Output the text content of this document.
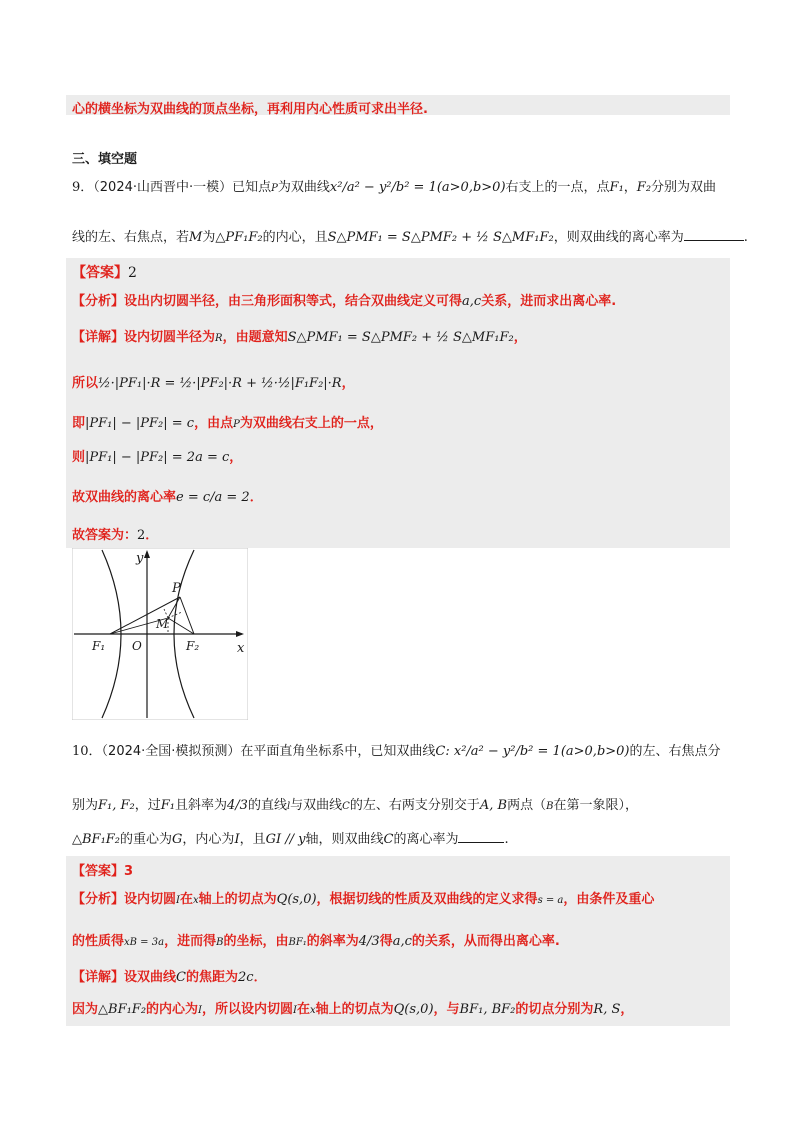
心的横坐标为双曲线的顶点坐标，再利用内心性质可求出半径.
三、填空题
9．（2024·山西晋中·一模）已知点P为双曲线x²/a² − y²/b² = 1(a>0,b>0)右支上的一点，点F₁，F₂分别为双曲
线的左、右焦点，若M为△PF₁F₂的内心，且S△PMF₁ = S△PMF₂ + ½ S△MF₁F₂，则双曲线的离心率为	.
【答案】2
【分析】设出内切圆半径，由三角形面积等式，结合双曲线定义可得a,c关系，进而求出离心率.
【详解】设内切圆半径为R，由题意知S△PMF₁ = S△PMF₂ + ½ S△MF₁F₂，
所以½·|PF₁|·R = ½·|PF₂|·R + ½·½|F₁F₂|·R，
即|PF₁| − |PF₂| = c，由点P为双曲线右支上的一点，
则|PF₁| − |PF₂| = 2a = c，
故双曲线的离心率e = c/a = 2．
故答案为：2．
y
x
P
M
F₁	F₂
O
10．（2024·全国·模拟预测）在平面直角坐标系中，已知双曲线C: x²/a² − y²/b² = 1(a>0,b>0)的左、右焦点分
别为F₁, F₂，过F₁且斜率为4/3的直线l与双曲线C的左、右两支分别交于A, B两点（B在第一象限），
△BF₁F₂的重心为G，内心为I，且GI // y轴，则双曲线C的离心率为	.
【答案】3
【分析】设内切圆I在x轴上的切点为Q(s,0)，根据切线的性质及双曲线的定义求得s = a，由条件及重心
的性质得xB = 3a，进而得B的坐标，由BF₁的斜率为4/3得a,c的关系，从而得出离心率.
【详解】设双曲线C的焦距为2c．
因为△BF₁F₂的内心为I，所以设内切圆I在x轴上的切点为Q(s,0)，与BF₁, BF₂的切点分别为R, S，
